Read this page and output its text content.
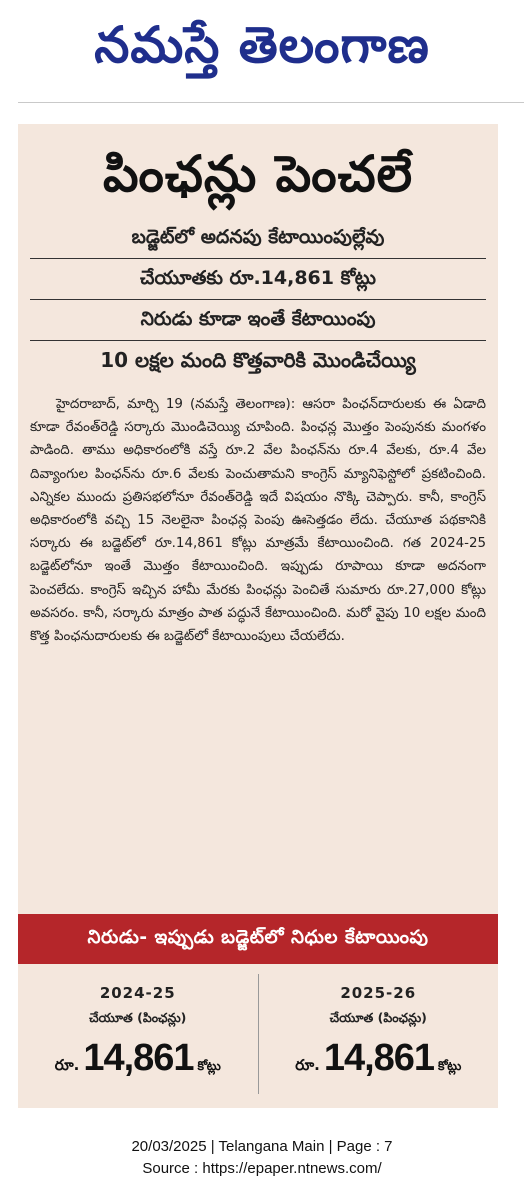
నమస్తే తెలంగాణ
పింఛన్లు పెంచలే
బడ్జెట్‌లో అదనపు కేటాయింపుల్లేవు
చేయూతకు రూ.14,861 కోట్లు
నిరుడు కూడా ఇంతే కేటాయింపు
10 లక్షల మంది కొత్తవారికి మొండిచేయ్యి

హైదరాబాద్‌, మార్చి 19 (నమస్తే తెలంగాణ): ఆసరా పింఛన్‌దారులకు ఈ ఏడాది కూడా రేవంత్‌రెడ్డి సర్కారు మొండిచెయ్యి చూపింది. పింఛన్ల మొత్తం పెంపునకు మంగళం పాడింది. తాము అధికారంలోకి వస్తే రూ.2 వేల పింఛన్‌ను రూ.4 వేలకు, రూ.4 వేల దివ్యాంగుల పింఛన్‌ను రూ.6 వేలకు పెంచుతామని కాంగ్రెస్‌ మ్యానిఫెస్టోలో ప్రకటించింది. ఎన్నికల ముందు ప్రతిసభలోనూ రేవంత్‌రెడ్డి ఇదే విషయం నొక్కి చెప్పారు. కానీ, కాంగ్రెస్‌ అధికారంలోకి వచ్చి 15 నెలలైనా పింఛన్ల పెంపు ఊసెత్తడం లేదు. చేయూత పథకానికి సర్కారు ఈ బడ్జెట్‌లో రూ.14,861 కోట్లు మాత్రమే కేటాయించింది. గత 2024-25 బడ్జెట్‌లోనూ ఇంతే మొత్తం కేటాయించింది. ఇప్పుడు రూపాయి కూడా అదనంగా పెంచలేదు. కాంగ్రెస్‌ ఇచ్చిన హామీ మేరకు పింఛన్లు పెంచితే సుమారు రూ.27,000 కోట్లు అవసరం. కానీ, సర్కారు మాత్రం పాత పద్ధునే కేటాయించింది. మరో వైపు 10 లక్షల మంది కొత్త పింఛనుదారులకు ఈ బడ్జెట్‌లో కేటాయింపులు చేయలేదు.

నిరుడు- ఇప్పుడు బడ్జెట్‌లో నిధుల కేటాయింపు
2024-25
చేయూత (పింఛన్లు)
రూ. 14,861 కోట్లు
2025-26
చేయూత (పింఛన్లు)
రూ. 14,861 కోట్లు
20/03/2025 | Telangana Main | Page : 7
Source : https://epaper.ntnews.com/
